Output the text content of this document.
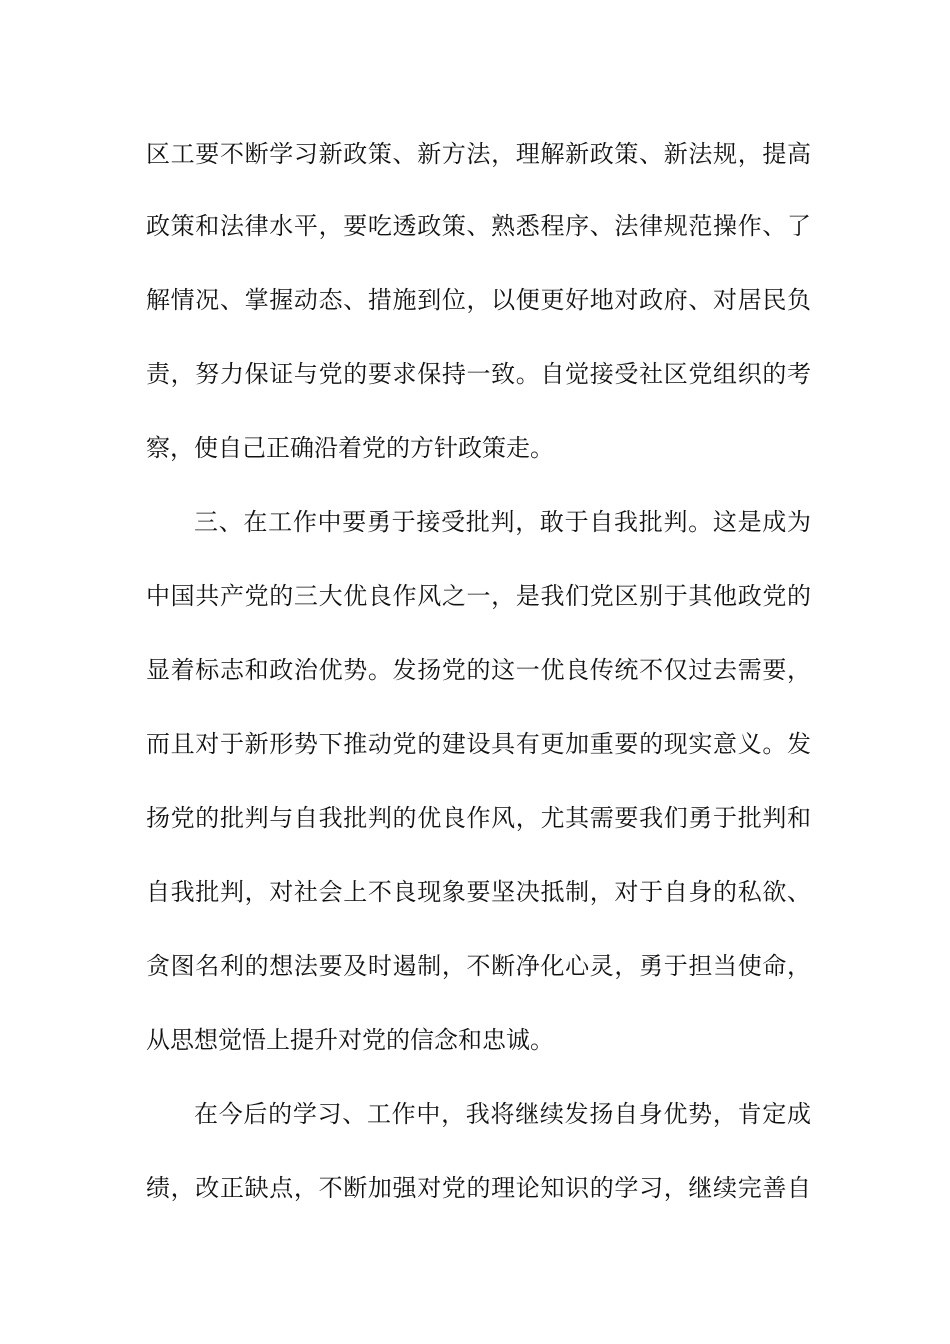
区工要不断学习新政策、新方法，理解新政策、新法规，提高
政策和法律水平，要吃透政策、熟悉程序、法律规范操作、了
解情况、掌握动态、措施到位，以便更好地对政府、对居民负
责，努力保证与党的要求保持一致。自觉接受社区党组织的考
察，使自己正确沿着党的方针政策走。
三、在工作中要勇于接受批判，敢于自我批判。这是成为
中国共产党的三大优良作风之一，是我们党区别于其他政党的
显着标志和政治优势。发扬党的这一优良传统不仅过去需要，
而且对于新形势下推动党的建设具有更加重要的现实意义。发
扬党的批判与自我批判的优良作风，尤其需要我们勇于批判和
自我批判，对社会上不良现象要坚决抵制，对于自身的私欲、
贪图名利的想法要及时遏制，不断净化心灵，勇于担当使命，
从思想觉悟上提升对党的信念和忠诚。
在今后的学习、工作中，我将继续发扬自身优势，肯定成
绩，改正缺点，不断加强对党的理论知识的学习，继续完善自
